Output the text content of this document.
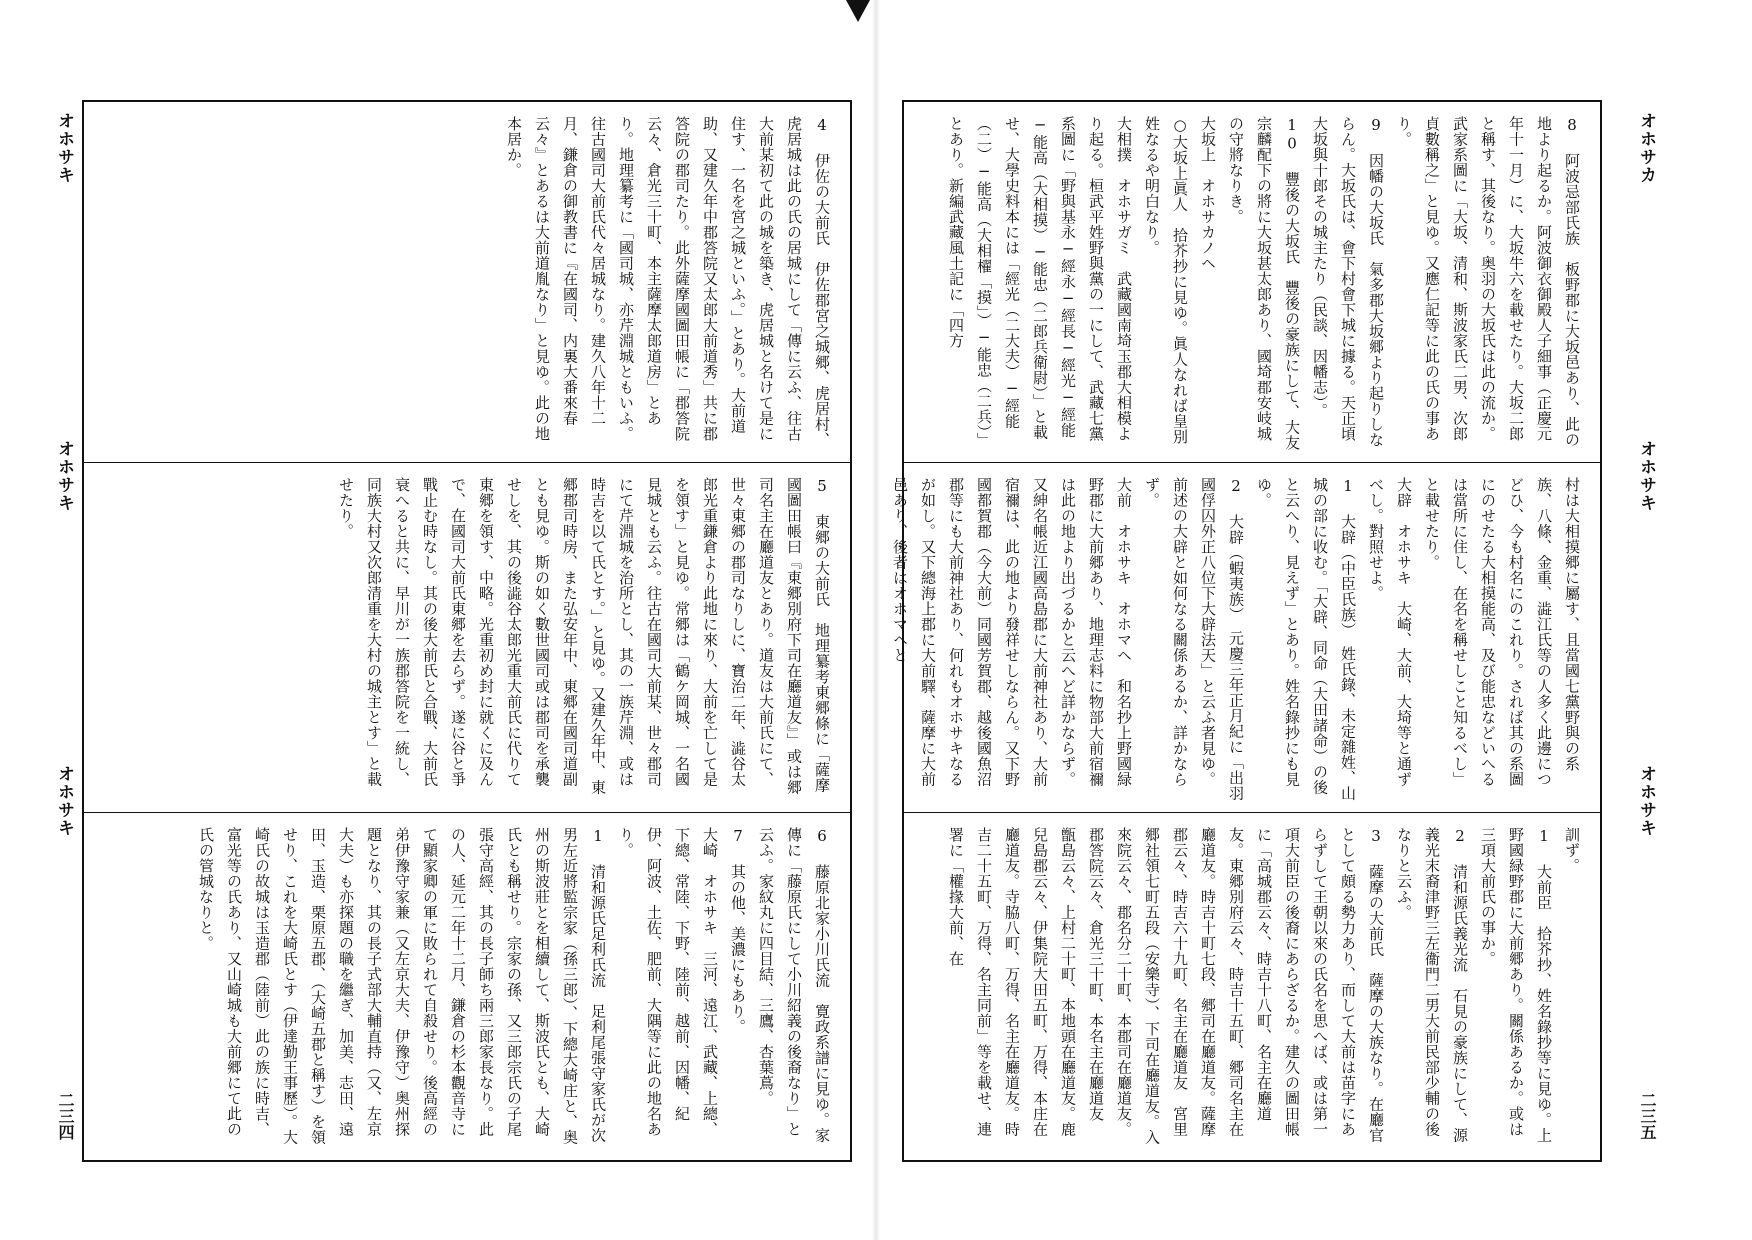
オホサキ
オホサキ
オホサキ
二三四
4 伊佐の大前氏　伊佐郡宮之城郷、虎居村、虎居城は此の氏の居城にして「傳に云ふ、往古大前某初て此の城を築き、虎居城と名けて是に住す、一名を宮之城といふ。」とあり。大前道助、又建久年中郡答院又太郎大前道秀」共に郡答院の郡司たり。此外薩摩國圖田帳に「郡答院云々、倉光三十町、本主薩摩太郎道房」とあり。地理纂考に「國司城、亦芹淵城ともいふ。往古國司大前氏代々居城なり。建久八年十二月、鎌倉の御教書に『在國司、内裏大番來春云々』とあるは大前道胤なり」と見ゆ。此の地本居か。
5 東郷の大前氏　地理纂考東郷條に「薩摩國圖田帳曰『東郷別府下司在廳道友』」或は郷司名主在廳道友とあり。道友は大前氏にて、世々東郷の郡司なりしに、寶治二年、澁谷太郎光重鎌倉より此地に來り、大前を亡して是を領す」と見ゆ。常郷は「鶴ケ岡城、一名國見城とも云ふ。往古在國司大前某、世々郡司にて芹淵城を治所とし、其の一族芹淵、或は時吉を以て氏とす。」と見ゆ。又建久年中、東郷郡司時房、また弘安年中、東郷在國司道副とも見ゆ。斯の如く數世國司或は郡司を承襲せしを、其の後澁谷太郎光重大前氏に代りて東郷を領す、中略。光重初め封に就くに及んで、在國司大前氏東郷を去らず。遂に谷と爭戰止む時なし。其の後大前氏と合戰、大前氏衰へると共に、早川が一族郡答院を一統し、同族大村又次郎清重を大村の城主とす」と載せたり。
6 藤原北家小川氏流　寛政系譜に見ゆ。家傳に「藤原氏にして小川紹義の後裔なり」と云ふ。家紋丸に四目結、三鷹、杏葉蔦。
7 其の他、美濃にもあり。
大崎　オホサキ　三河、遠江、武藏、上總、下總、常陸、下野、陸前、越前、因幡、紀伊、阿波、土佐、肥前、大隅等に此の地名あり。
1 清和源氏足利氏流　足利尾張守家氏が次男左近將監宗家（孫三郎）、下總大崎庄と、奥州の斯波莊とを相續して、斯波氏とも、大崎氏とも稱せり。宗家の孫、又三郎宗氏の子尾張守高經、其の長子師ち兩三郎家長なり。此の人、延元二年十二月、鎌倉の杉本觀音寺にて顯家卿の軍に敗られて自殺せり。後高經の弟伊豫守家兼（又左京大夫、伊豫守）奥州探題となり、其の長子式部大輔直持（又、左京大夫）も亦探題の職を繼ぎ、加美、志田、遠田、玉造、栗原五郡、（大崎五郡と稱す）を領せり、これを大崎氏とす（伊達勤王事歷）。大崎氏の故城は玉造郡（陸前）此の族に時吉、富光等の氏あり、又山崎城も大前郷にて此の氏の管城なりと。
8 阿波忌部氏族　板野郡に大坂邑あり、此の地より起るか。阿波御衣御殿人子細事（正慶元年十一月）に、大坂牛六を載せたり。大坂二郎と稱す、其後なり。奥羽の大坂氏は此の流か。武家系圖に「大坂、清和、斯波家氏二男、次郎貞數稱之」と見ゆ。又應仁記等に此の氏の事あり。
9 因幡の大坂氏　氣多郡大坂郷より起りしならん。大坂氏は、會下村會下城に據る。天正頃大坂與十郎その城主たり（民談、因幡志）。
10 豐後の大坂氏　豐後の豪族にして、大友宗麟配下の將に大坂甚太郎あり、國埼郡安岐城の守將なりき。
大坂上　オホサカノヘ
○大坂上眞人　拾芥抄に見ゆ。眞人なれば皇別姓なるや明白なり。
大相撲　オホサガミ　武藏國南埼玉郡大相模より起る。桓武平姓野與黨の一にして、武藏七黨系圖に「野與基永─經永─經長─經光─經能─能高（大相摸）─能忠（二郎兵衛尉）」と載せ、大學史料本には「經光（二大夫）─經能（二）─能高（大相櫂「摸」）─能忠（二兵）」とあり。新編武藏風土記に「四方
村は大相摸郷に屬す、且當國七黨野與の系族、八條、金重、澁江氏等の人多く此邊につどひ、今も村名にのこれり。されば其の系圖にのせたる大相摸能高、及び能忠などいへるは當所に住し、在名を稱せしこと知るべし」と載せたり。
大辟　オホサキ　大崎、大前、大埼等と通ずべし。對照せよ。
1 大辟（中臣氏族）　姓氏錄、未定雜姓、山城の部に收む。「大辟、同命（大田諸命）の後と云へり、見えず」とあり。姓名錄抄にも見ゆ。
2 大辟（蝦夷族）　元慶三年正月紀に「出羽國俘囚外正八位下大辟法天」と云ふ者見ゆ。前述の大辟と如何なる關係あるか、詳かならず。
大前　オホサキ　オホマヘ　和名抄上野國緑野郡に大前郷あり、地理志料に物部大前宿禰は此の地より出づるかと云へど詳かならず。又紳名帳近江國高島郡に大前神社あり、大前宿禰は、此の地より發祥せしならん。又下野國都賀郡（今大前）同國芳賀郡、越後國魚沼郡等にも大前神社あり、何れもオホサキなるが如し。又下總海上郡に大前驛、薩摩に大前邑あり、後者はオホマヘと
訓ず。
1 大前臣　拾芥抄、姓名錄抄等に見ゆ。上野國緑野郡に大前郷あり。關係あるか。或は三項大前氏の事か。
2 清和源氏義光流　石見の豪族にして、源義光末裔津野三左衞門二男大前民部少輔の後なりと云ふ。
3 薩摩の大前氏　薩摩の大族なり。在廳官として頗る勢力あり、而して大前は苗字にあらずして王朝以來の氏名を思へば、或は第一項大前臣の後裔にあらざるか。建久の圖田帳に「高城郡云々、時吉十八町、名主在廳道友。東郷別府云々、時吉十五町、郷司名主在廳道友。時吉十町七段、郷司在廳道友。薩摩郡云々、時吉六十九町、名主在廳道友　宮里郷社領七町五段（安樂寺）、下司在廳道友。入來院云々、郡名分二十町、本郡司在廳道友。郡答院云々、倉光三十町、本名主在廳道友　甑島云々、上村二十町、本地頭在廳道友。鹿兒島郡云々、伊集院大田五町、万得、本庄在廳道友。寺脇八町、万得、名主在廳道友。時吉二十五町、万得、名主同前」等を載せ、連署に「權掾大前、在
オホサカ
オホサキ
オホサキ
二三五
